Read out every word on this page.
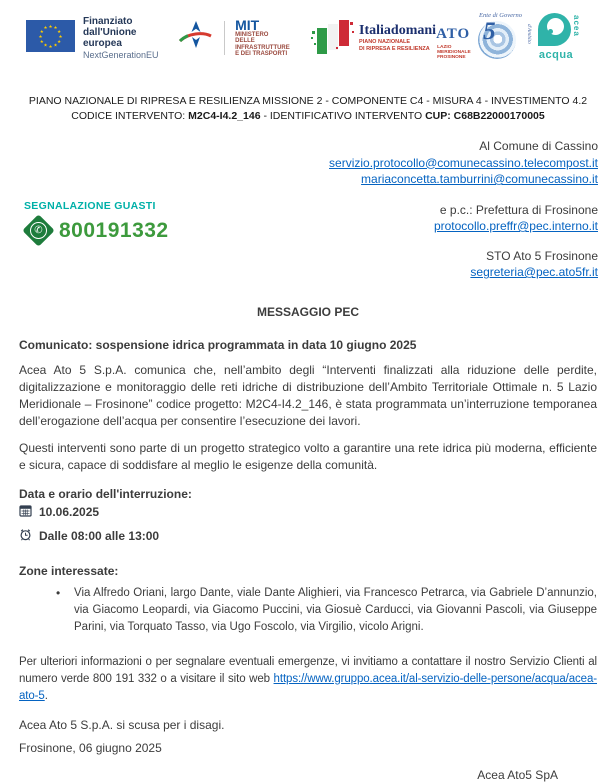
★ ★
★
★
★
★
★
★
★
★
★
★
Finanziato
dall'Unione europea
NextGenerationEU
MIT
MINISTERO
DELLE INFRASTRUTTURE
E DEI TRASPORTI
Italiadomani
PIANO NAZIONALE
DI RIPRESA E RESILIENZA
Ente di Governo
ATO 5
LAZIO
MERIDIONALE
FROSINONE
d'Ambito	acea
acqua
PIANO NAZIONALE DI RIPRESA E RESILIENZA MISSIONE 2 - COMPONENTE C4 - MISURA 4 - INVESTIMENTO 4.2
CODICE INTERVENTO: M2C4-I4.2_146 - IDENTIFICATIVO INTERVENTO CUP: C68B22000170005
Al Comune di Cassino
servizio.protocollo@comunecassino.telecompost.it
mariaconcetta.tamburrini@comunecassino.it
SEGNALAZIONE GUASTI
✆
800191332
e p.c.: Prefettura di Frosinone
protocollo.preffr@pec.interno.it
STO Ato 5 Frosinone
segreteria@pec.ato5fr.it
MESSAGGIO PEC
Comunicato: sospensione idrica programmata in data 10 giugno 2025

Acea Ato 5 S.p.A. comunica che, nell’ambito degli “Interventi finalizzati alla riduzione delle perdite, digitalizzazione e monitoraggio delle reti idriche di distribuzione dell’Ambito Territoriale Ottimale n. 5 Lazio Meridionale – Frosinone” codice progetto: M2C4-I4.2_146, è stata programmata un’interruzione temporanea dell’erogazione dell’acqua per consentire l’esecuzione dei lavori.

Questi interventi sono parte di un progetto strategico volto a garantire una rete idrica più moderna, efficiente e sicura, capace di soddisfare al meglio le esigenze della comunità.

Data e orario dell'interruzione:
10.06.2025
Dalle 08:00 alle 13:00
Zone interessate:
• Via Alfredo Oriani, largo Dante, viale Dante Alighieri, via Francesco Petrarca, via Gabriele D’annunzio, via Giacomo Leopardi, via Giacomo Puccini, via Giosuè Carducci, via Giovanni Pascoli, via Giuseppe Parini, via Torquato Tasso, via Ugo Foscolo, via Virgilio, vicolo Arigni.

Per ulteriori informazioni o per segnalare eventuali emergenze, vi invitiamo a contattare il nostro Servizio Clienti al numero verde 800 191 332 o a visitare il sito web https://www.gruppo.acea.it/al-servizio-delle-persone/acqua/acea-ato-5.

Acea Ato 5 S.p.A. si scusa per i disagi.
Frosinone, 06 giugno 2025
Acea Ato5 SpA
